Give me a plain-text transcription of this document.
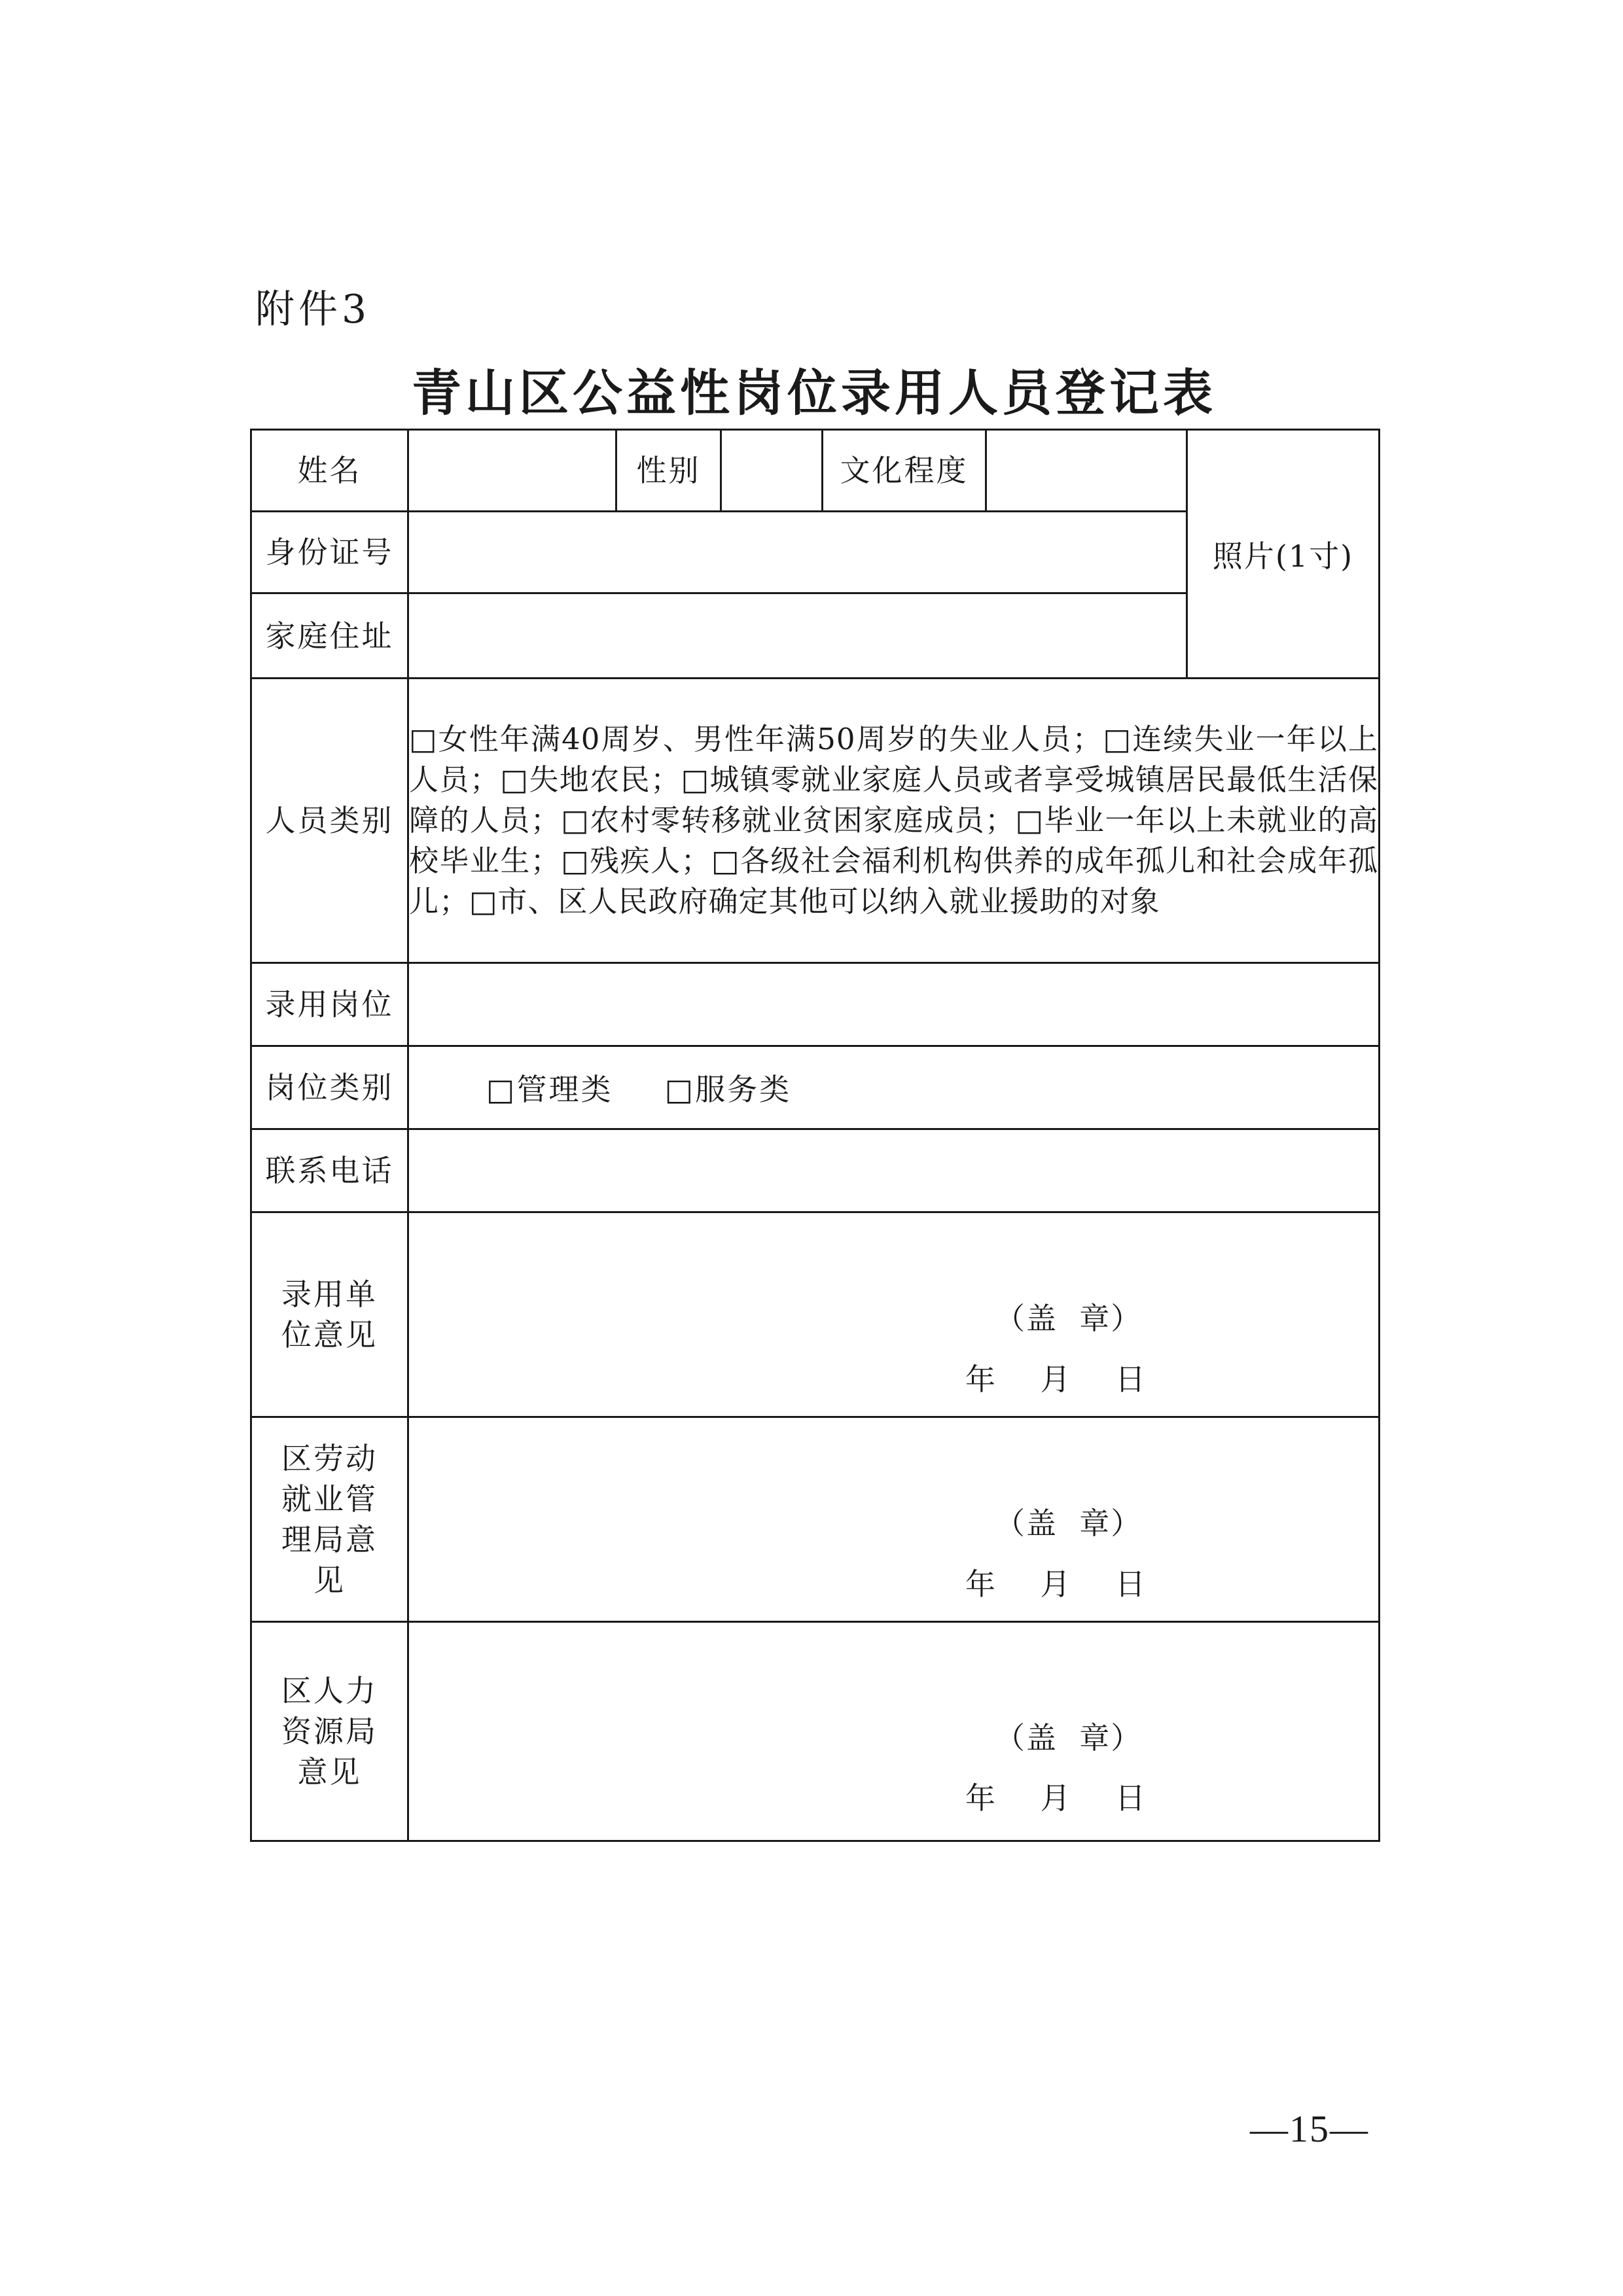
附件3
青山区公益性岗位录用人员登记表
姓名		性别		文化程度		照片(1寸)
身份证号						
家庭住址						
人员类别	□女性年满40周岁、男性年满50周岁的失业人员；□连续失业一年以上人员；□失地农民；□城镇零就业家庭人员或者享受城镇居民最低生活保障的人员；□农村零转移就业贫困家庭成员；□毕业一年以上未就业的高校毕业生；□残疾人；□各级社会福利机构供养的成年孤儿和社会成年孤儿；□市、区人民政府确定其他可以纳入就业援助的对象					
录用岗位						
岗位类别	□管理类 □服务类					
联系电话						

录用单位意见	（盖  章）
年    月    日					

区劳动就业管理局意见	（盖  章）
年    月    日					

区人力资源局意见	（盖  章）
年    月    日					
—15—
